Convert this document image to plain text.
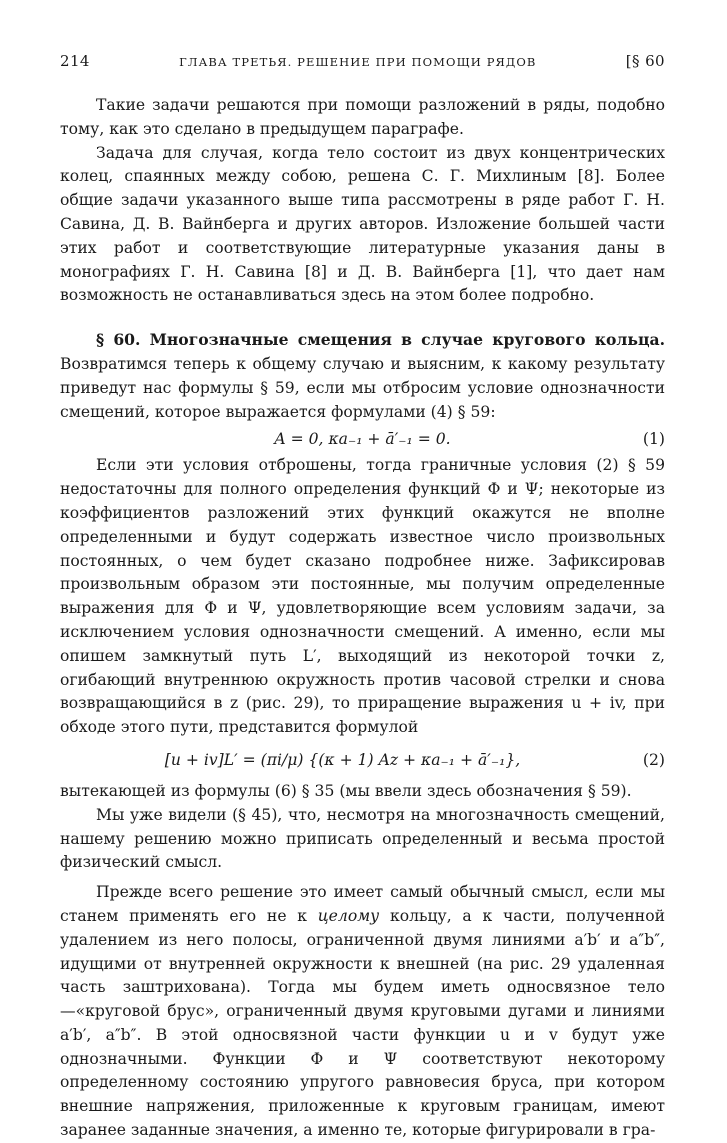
214	ГЛАВА ТРЕТЬЯ. РЕШЕНИЕ ПРИ ПОМОЩИ РЯДОВ	[§ 60

Такие задачи решаются при помощи разложений в ряды, подобно тому, как это сделано в предыдущем параграфе.

Задача для случая, когда тело состоит из двух концентрических колец, спаянных между собою, решена С. Г. Михлиным [8]. Более общие задачи указанного выше типа рассмотрены в ряде работ Г. Н. Савина, Д. В. Вайнберга и других авторов. Изложение большей части этих работ и соответствующие литературные указания даны в монографиях Г. Н. Савина [8] и Д. В. Вайнберга [1], что дает нам возможность не останавливаться здесь на этом более подробно.

§ 60. Многозначные смещения в случае кругового кольца. Возвратимся теперь к общему случаю и выясним, к какому результату приведут нас формулы § 59, если мы отбросим условие однозначности смещений, которое выражается формулами (4) § 59:

A = 0, κa₋₁ + ā′₋₁ = 0.	(1)

Если эти условия отброшены, тогда граничные условия (2) § 59 недостаточны для полного определения функций Φ и Ψ; некоторые из коэффициентов разложений этих функций окажутся не вполне определенными и будут содержать известное число произвольных постоянных, о чем будет сказано подробнее ниже. Зафиксировав произвольным образом эти постоянные, мы получим определенные выражения для Φ и Ψ, удовлетворяющие всем условиям задачи, за исключением условия однозначности смещений. А именно, если мы опишем замкнутый путь L′, выходящий из некоторой точки z, огибающий внутреннюю окружность против часовой стрелки и снова возвращающийся в z (рис. 29), то приращение выражения u + iv, при обходе этого пути, представится формулой

[u + iv]L′ = (πi/μ) {(κ + 1) Az + κa₋₁ + ā′₋₁},	(2)

вытекающей из формулы (6) § 35 (мы ввели здесь обозначения § 59).

Мы уже видели (§ 45), что, несмотря на многозначность смещений, нашему решению можно приписать определенный и весьма простой физический смысл.

Прежде всего решение это имеет самый обычный смысл, если мы станем применять его не к целому кольцу, а к части, полученной удалением из него полосы, ограниченной двумя линиями a′b′ и a″b″, идущими от внутренней окружности к внешней (на рис. 29 удаленная часть заштрихована). Тогда мы будем иметь односвязное тело —«круговой брус», ограниченный двумя круговыми дугами и линиями a′b′, a″b″. В этой односвязной части функции u и v будут уже однозначными. Функции Φ и Ψ соответствуют некоторому определенному состоянию упругого равновесия бруса, при котором внешние напряжения, приложенные к круговым границам, имеют заранее заданные значения, а именно те, которые фигурировали в гра-
